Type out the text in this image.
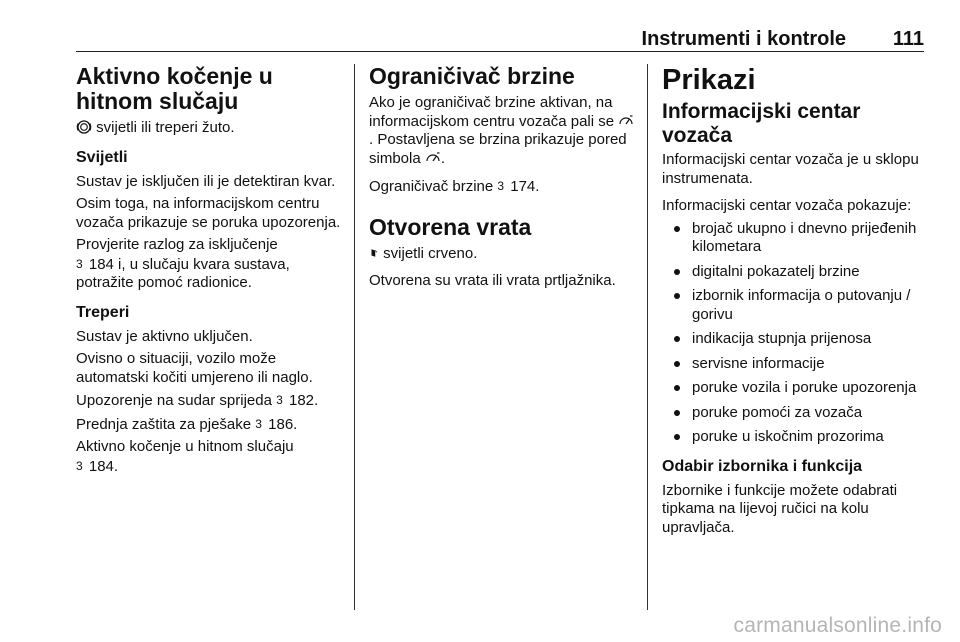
Instrumenti i kontrole 111
Aktivno kočenje u hitnom slučaju
svijetli ili treperi žuto.
Svijetli
Sustav je isključen ili je detektiran kvar.
Osim toga, na informacijskom centru vozača prikazuje se poruka upozorenja.
Provjerite razlog za isključenje
3 184 i, u slučaju kvara sustava, potražite pomoć radionice.
Treperi
Sustav je aktivno uključen.
Ovisno o situaciji, vozilo može automatski kočiti umjereno ili naglo.
Upozorenje na sudar sprijeda 3 182.
Prednja zaštita za pješake 3 186.
Aktivno kočenje u hitnom slučaju
3 184.
Ograničivač brzine
Ako je ograničivač brzine aktivan, na informacijskom centru vozača pali se . Postavljena se brzina prikazuje pored simbola .
Ograničivač brzine 3 174.
Otvorena vrata
svijetli crveno.
Otvorena su vrata ili vrata prtljažnika.
Prikazi
Informacijski centar vozača
Informacijski centar vozača je u sklopu instrumenata.
Informacijski centar vozača pokazuje:
brojač ukupno i dnevno prijeđenih kilometara
digitalni pokazatelj brzine
izbornik informacija o putovanju / gorivu
indikacija stupnja prijenosa
servisne informacije
poruke vozila i poruke upozorenja
poruke pomoći za vozača
poruke u iskočnim prozorima
Odabir izbornika i funkcija
Izbornike i funkcije možete odabrati tipkama na lijevoj ručici na kolu upravljača.
carmanualsonline.info
